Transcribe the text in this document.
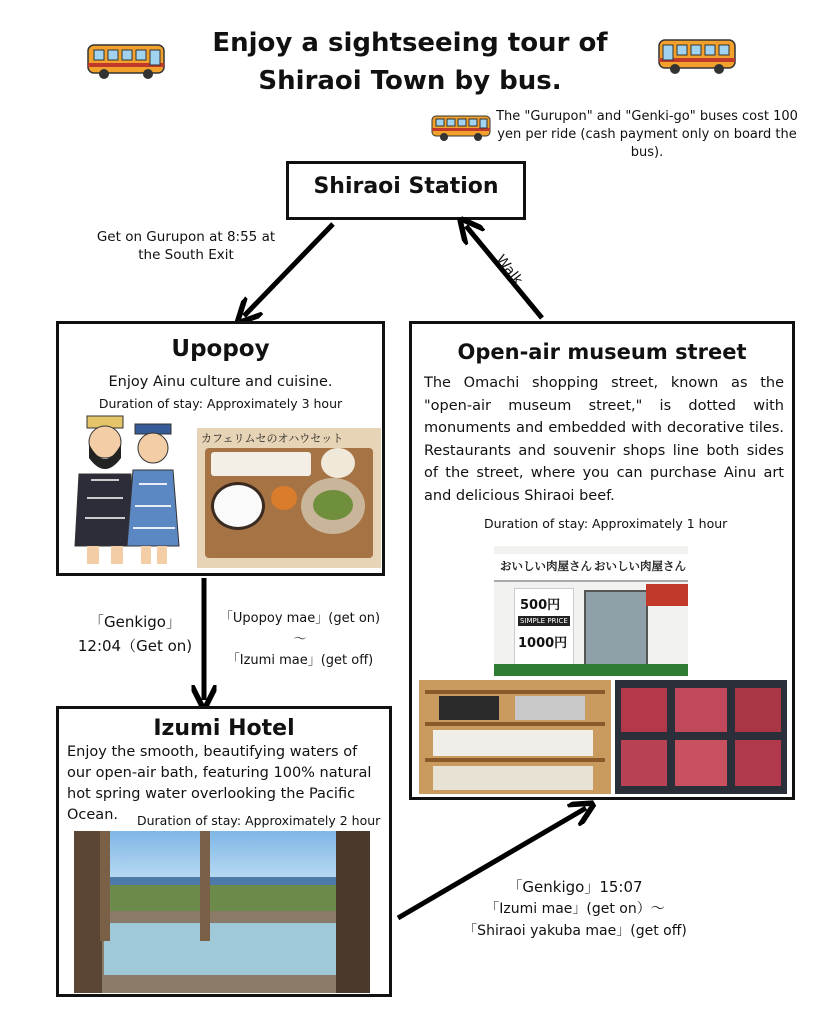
Enjoy a sightseeing tour of
Shiraoi Town by bus.
The "Gurupon" and "Genki-go" buses cost 100 yen per ride (cash payment only on board the bus).
Shiraoi Station
Get on Gurupon at 8:55 at the South Exit	Walk
Upopoy
Enjoy Ainu culture and cuisine.
Duration of stay: Approximately 3 hour
カフェリムセのオハウセット
Open-air museum street
The Omachi shopping street, known as the "open-air museum street," is dotted with monuments and embedded with decorative tiles. Restaurants and souvenir shops line both sides of the street, where you can purchase Ainu art and delicious Shiraoi beef.
Duration of stay: Approximately 1 hour
おいしい肉屋さん おいしい肉屋さん
500円
SIMPLE PRICE
1000円
「Genkigo」
12:04（Get on)
「Upopoy mae」(get on)
～
「Izumi mae」(get off)
Izumi Hotel
Enjoy the smooth, beautifying waters of our open-air bath, featuring 100% natural hot spring water overlooking the Pacific Ocean.	Duration of stay: Approximately 2 hour
「Genkigo」15:07
「Izumi mae」(get on）～
「Shiraoi yakuba mae」(get off)
